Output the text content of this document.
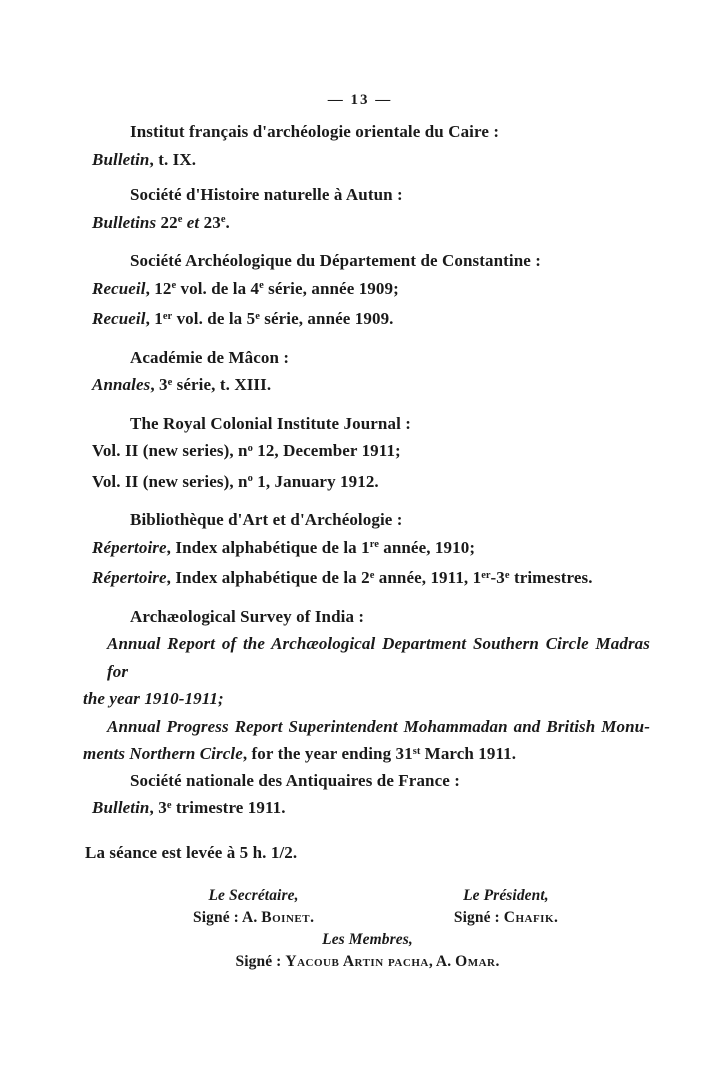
— 13 —
Institut français d'archéologie orientale du Caire :
Bulletin, t. IX.
Société d'Histoire naturelle à Autun :
Bulletins 22e et 23e.
Société Archéologique du Département de Constantine :
Recueil, 12e vol. de la 4e série, année 1909;
Recueil, 1er vol. de la 5e série, année 1909.
Académie de Mâcon :
Annales, 3e série, t. XIII.
The Royal Colonial Institute Journal :
Vol. II (new series), $n^o$ 12, December 1911;
Vol. II (new series), $n^o$ 1, January 1912.
Bibliothèque d'Art et d'Archéologie :
Répertoire, Index alphabétique de la 1re année, 1910;
Répertoire, Index alphabétique de la 2e année, 1911, 1er-3e trimestres.
Archæological Survey of India :
Annual Report of the Archæological Department Southern Circle Madras for
the year 1910-1911;
Annual Progress Report Superintendent Mohammadan and British Monu-
ments Northern Circle, for the year ending 31st March 1911.
Société nationale des Antiquaires de France :
Bulletin, 3e trimestre 1911.
La séance est levée à 5 h. 1/2.
Le Secrétaire,
Signé : A. Boinet.
Le Président,
Signé : Chafik.
Les Membres,
Signé : Yacoub Artin pacha, A. Omar.
